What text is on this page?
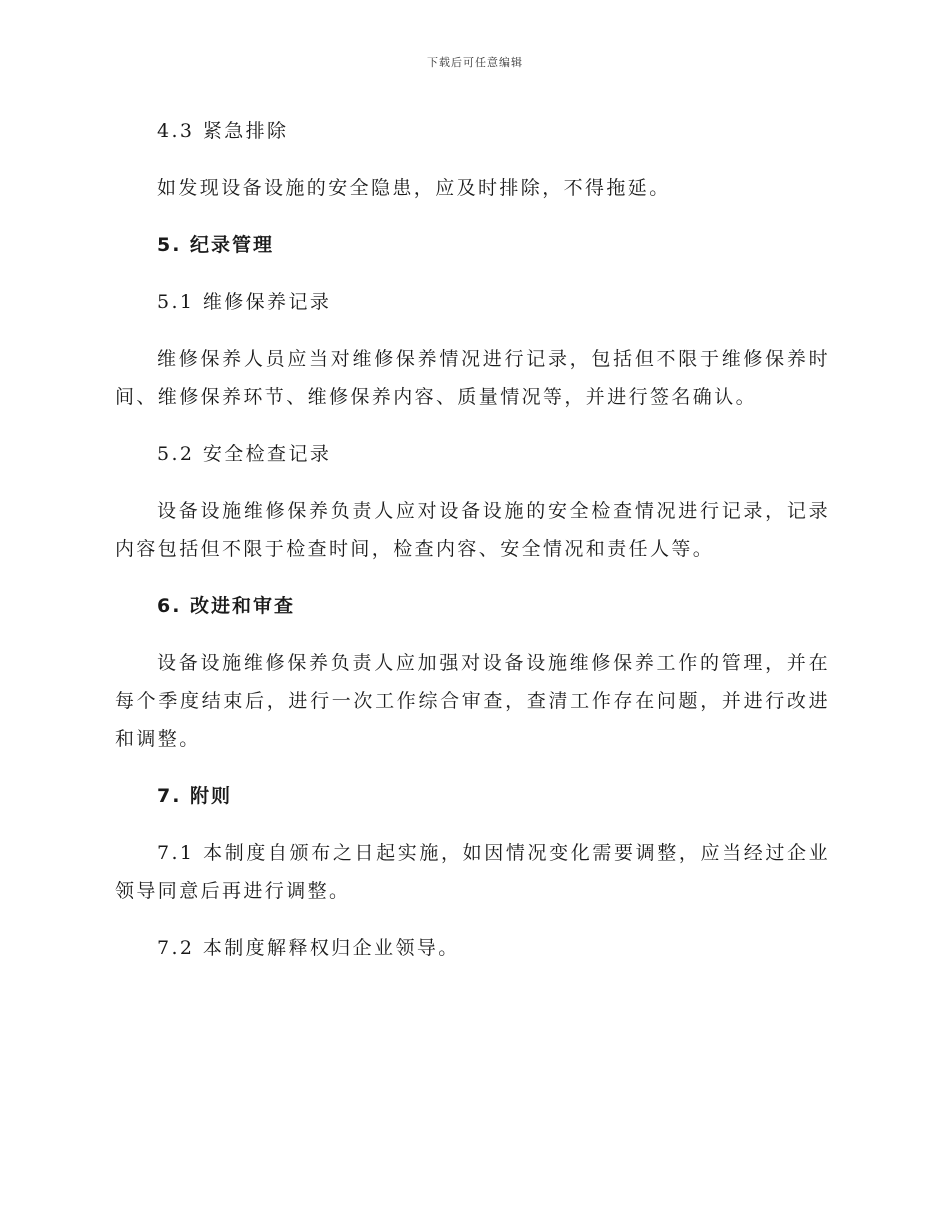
下载后可任意编辑
4.3 紧急排除
如发现设备设施的安全隐患，应及时排除，不得拖延。
5. 纪录管理
5.1 维修保养记录
维修保养人员应当对维修保养情况进行记录，包括但不限于维修保养时间、维修保养环节、维修保养内容、质量情况等，并进行签名确认。
5.2 安全检查记录
设备设施维修保养负责人应对设备设施的安全检查情况进行记录，记录内容包括但不限于检查时间，检查内容、安全情况和责任人等。
6. 改进和审查
设备设施维修保养负责人应加强对设备设施维修保养工作的管理，并在每个季度结束后，进行一次工作综合审查，查清工作存在问题，并进行改进和调整。
7. 附则
7.1 本制度自颁布之日起实施，如因情况变化需要调整，应当经过企业领导同意后再进行调整。
7.2 本制度解释权归企业领导。
